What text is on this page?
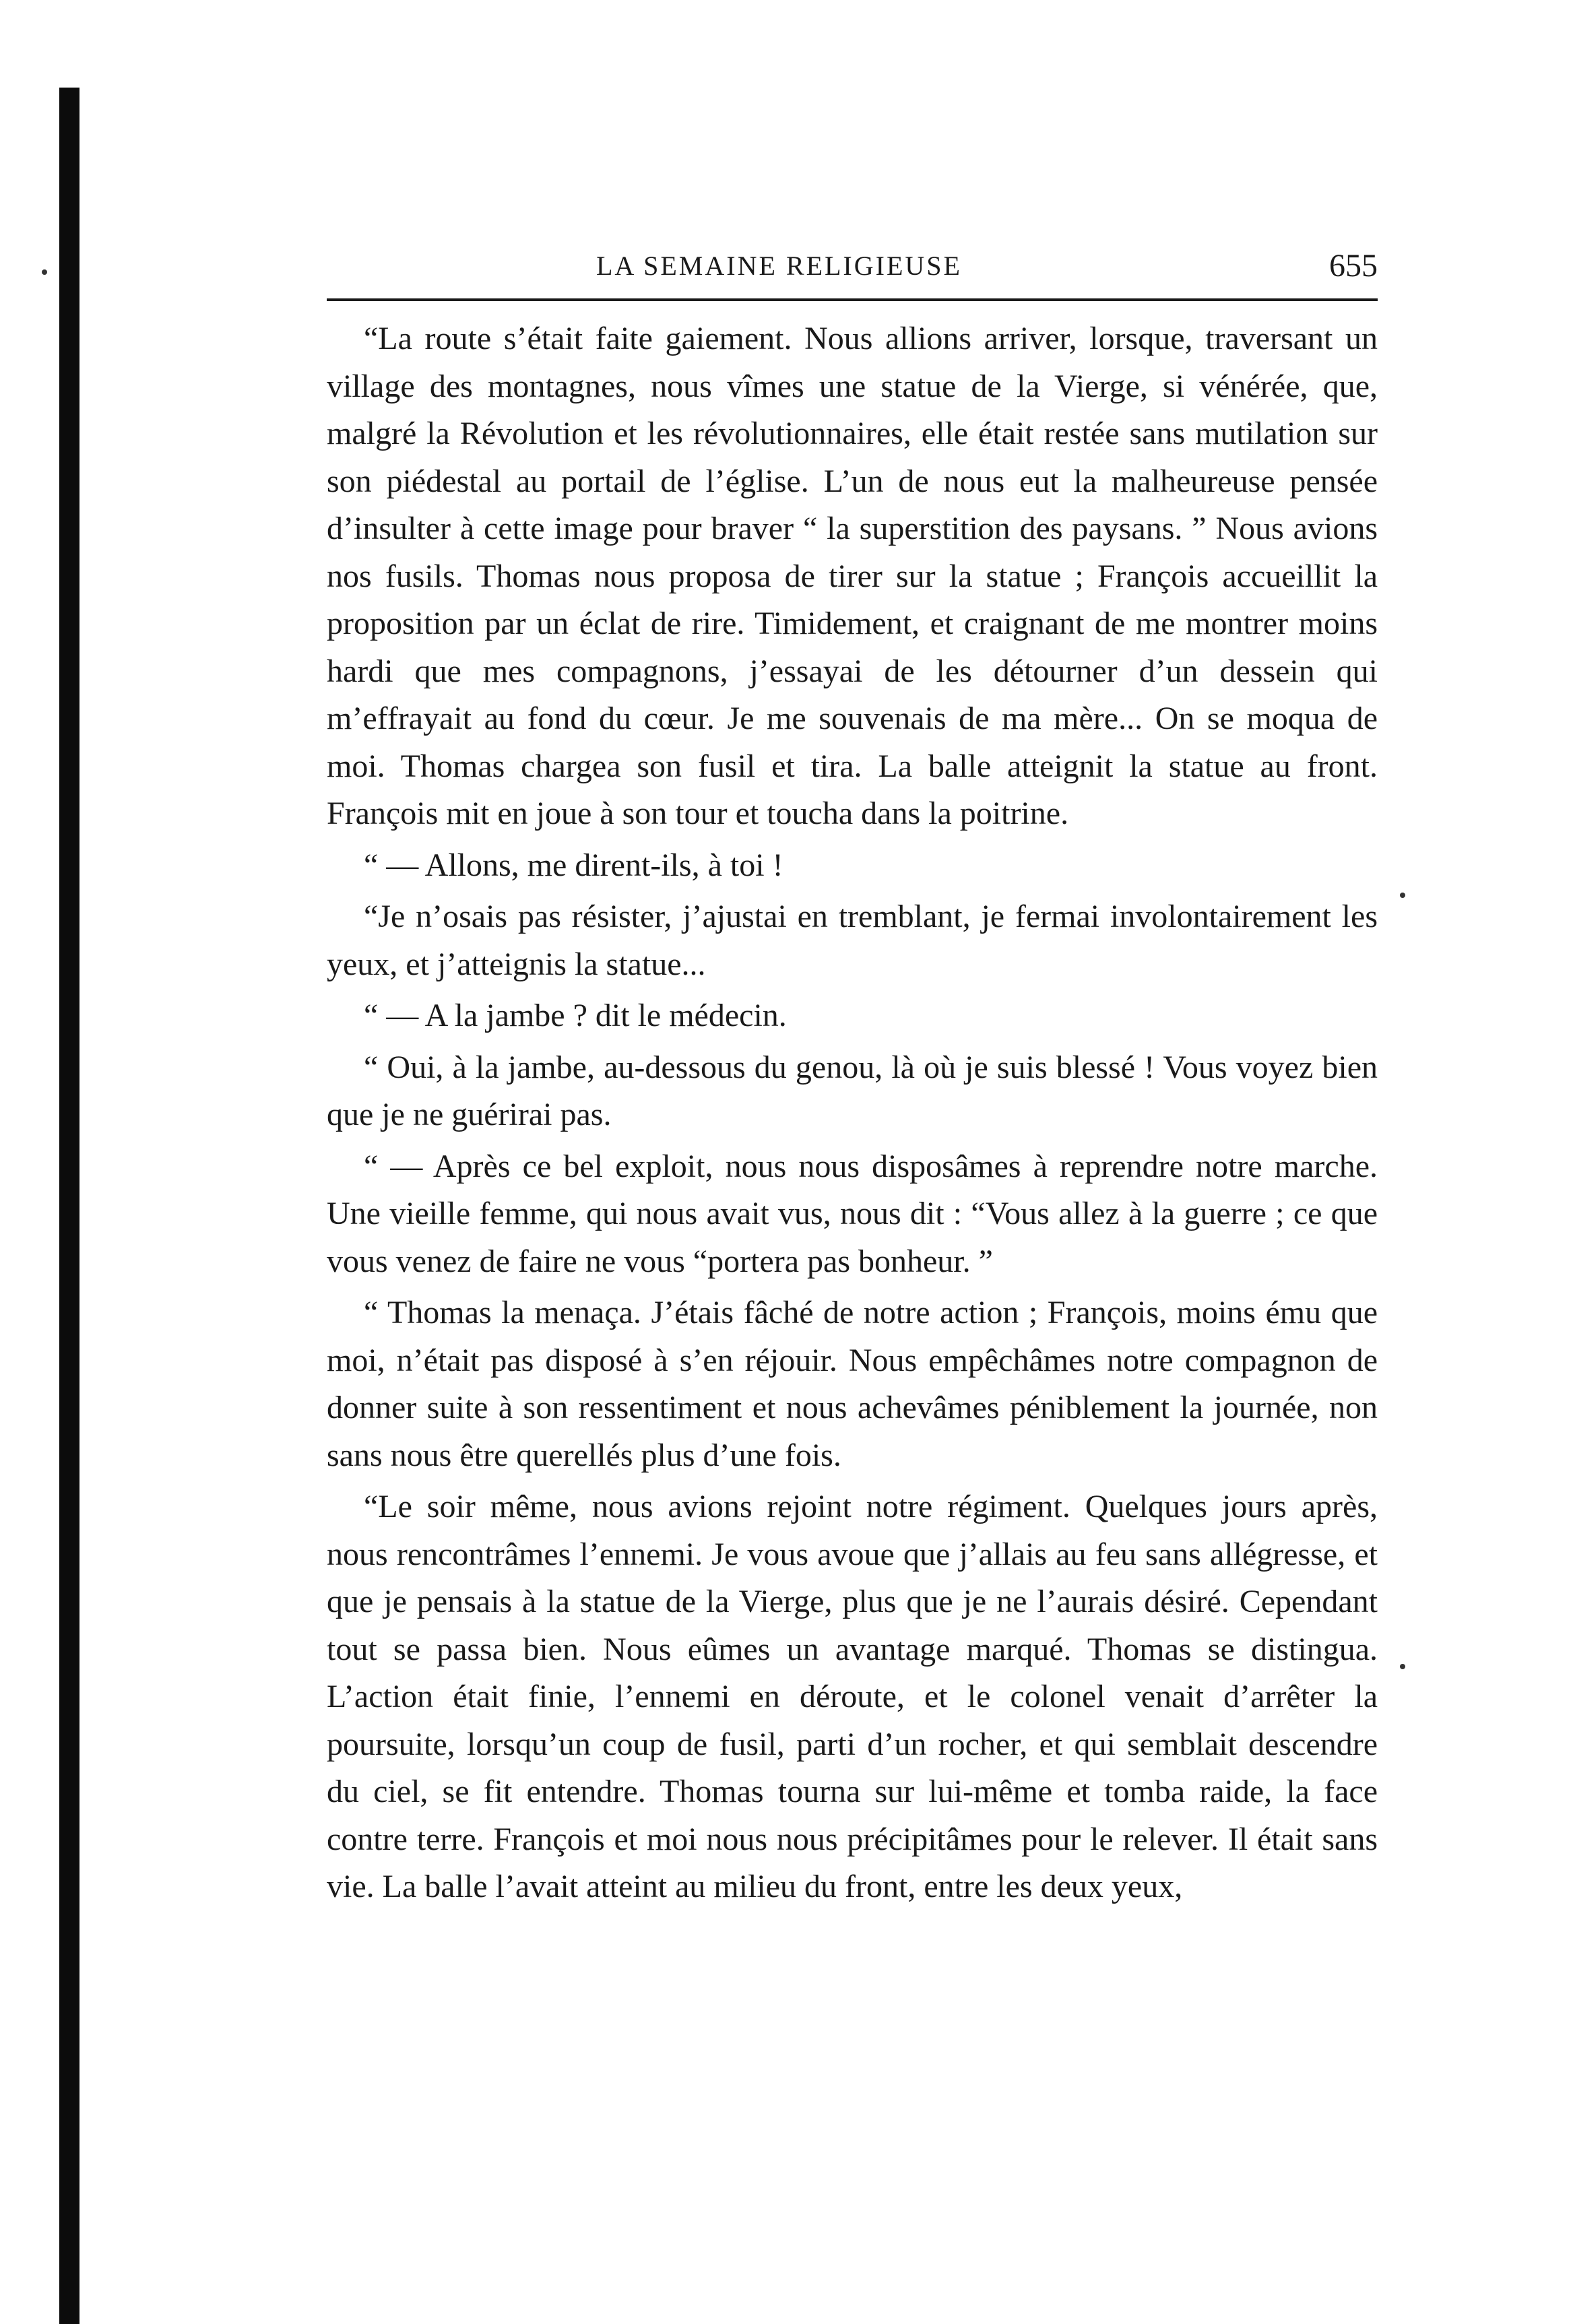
LA SEMAINE RELIGIEUSE	655

“La route s’était faite gaiement. Nous allions arriver, lorsque, traversant un village des montagnes, nous vîmes une statue de la Vierge, si vénérée, que, malgré la Révolution et les révolutionnaires, elle était restée sans mutilation sur son piédestal au portail de l’église. L’un de nous eut la malheureuse pensée d’insulter à cette image pour braver “ la superstition des paysans. ” Nous avions nos fusils. Thomas nous proposa de tirer sur la statue ; François accueillit la proposition par un éclat de rire. Timidement, et craignant de me montrer moins hardi que mes compagnons, j’essayai de les détourner d’un dessein qui m’effrayait au fond du cœur. Je me souvenais de ma mère... On se moqua de moi. Thomas chargea son fusil et tira. La balle atteignit la statue au front. François mit en joue à son tour et toucha dans la poitrine.

“ — Allons, me dirent-ils, à toi !

“Je n’osais pas résister, j’ajustai en tremblant, je fermai involontairement les yeux, et j’atteignis la statue...

“ — A la jambe ? dit le médecin.

“ Oui, à la jambe, au-dessous du genou, là où je suis blessé ! Vous voyez bien que je ne guérirai pas.

“ — Après ce bel exploit, nous nous disposâmes à reprendre notre marche. Une vieille femme, qui nous avait vus, nous dit : “Vous allez à la guerre ; ce que vous venez de faire ne vous “portera pas bonheur. ”

“ Thomas la menaça. J’étais fâché de notre action ; François, moins ému que moi, n’était pas disposé à s’en réjouir. Nous empêchâmes notre compagnon de donner suite à son ressentiment et nous achevâmes péniblement la journée, non sans nous être querellés plus d’une fois.

“Le soir même, nous avions rejoint notre régiment. Quelques jours après, nous rencontrâmes l’ennemi. Je vous avoue que j’allais au feu sans allégresse, et que je pensais à la statue de la Vierge, plus que je ne l’aurais désiré. Cependant tout se passa bien. Nous eûmes un avantage marqué. Thomas se distingua. L’action était finie, l’ennemi en déroute, et le colonel venait d’arrêter la poursuite, lorsqu’un coup de fusil, parti d’un rocher, et qui semblait descendre du ciel, se fit entendre. Thomas tourna sur lui-même et tomba raide, la face contre terre. François et moi nous nous précipitâmes pour le relever. Il était sans vie. La balle l’avait atteint au milieu du front, entre les deux yeux,
